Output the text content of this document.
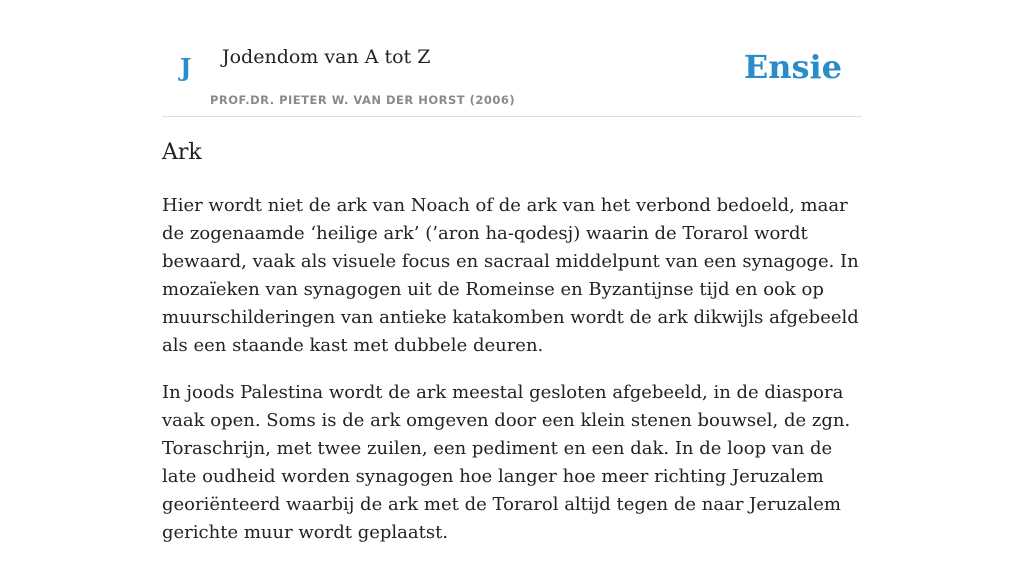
J Jodendom van A tot Z
PROF.DR. PIETER W. VAN DER HORST (2006)
Ensie
Ark

Hier wordt niet de ark van Noach of de ark van het verbond bedoeld, maar de zogenaamde ‘heilige ark’ (’aron ha-qodesj) waarin de Torarol wordt bewaard, vaak als visuele focus en sacraal middelpunt van een synagoge. In mozaïeken van synagogen uit de Romeinse en Byzantijnse tijd en ook op muurschilderingen van antieke katakomben wordt de ark dikwijls afgebeeld als een staande kast met dubbele deuren.

In joods Palestina wordt de ark meestal gesloten afgebeeld, in de diaspora vaak open. Soms is de ark omgeven door een klein stenen bouwsel, de zgn. Toraschrijn, met twee zuilen, een pediment en een dak. In de loop van de late oudheid worden synagogen hoe langer hoe meer richting Jeruzalem georiënteerd waarbij de ark met de Torarol altijd tegen de naar Jeruzalem gerichte muur wordt geplaatst.
